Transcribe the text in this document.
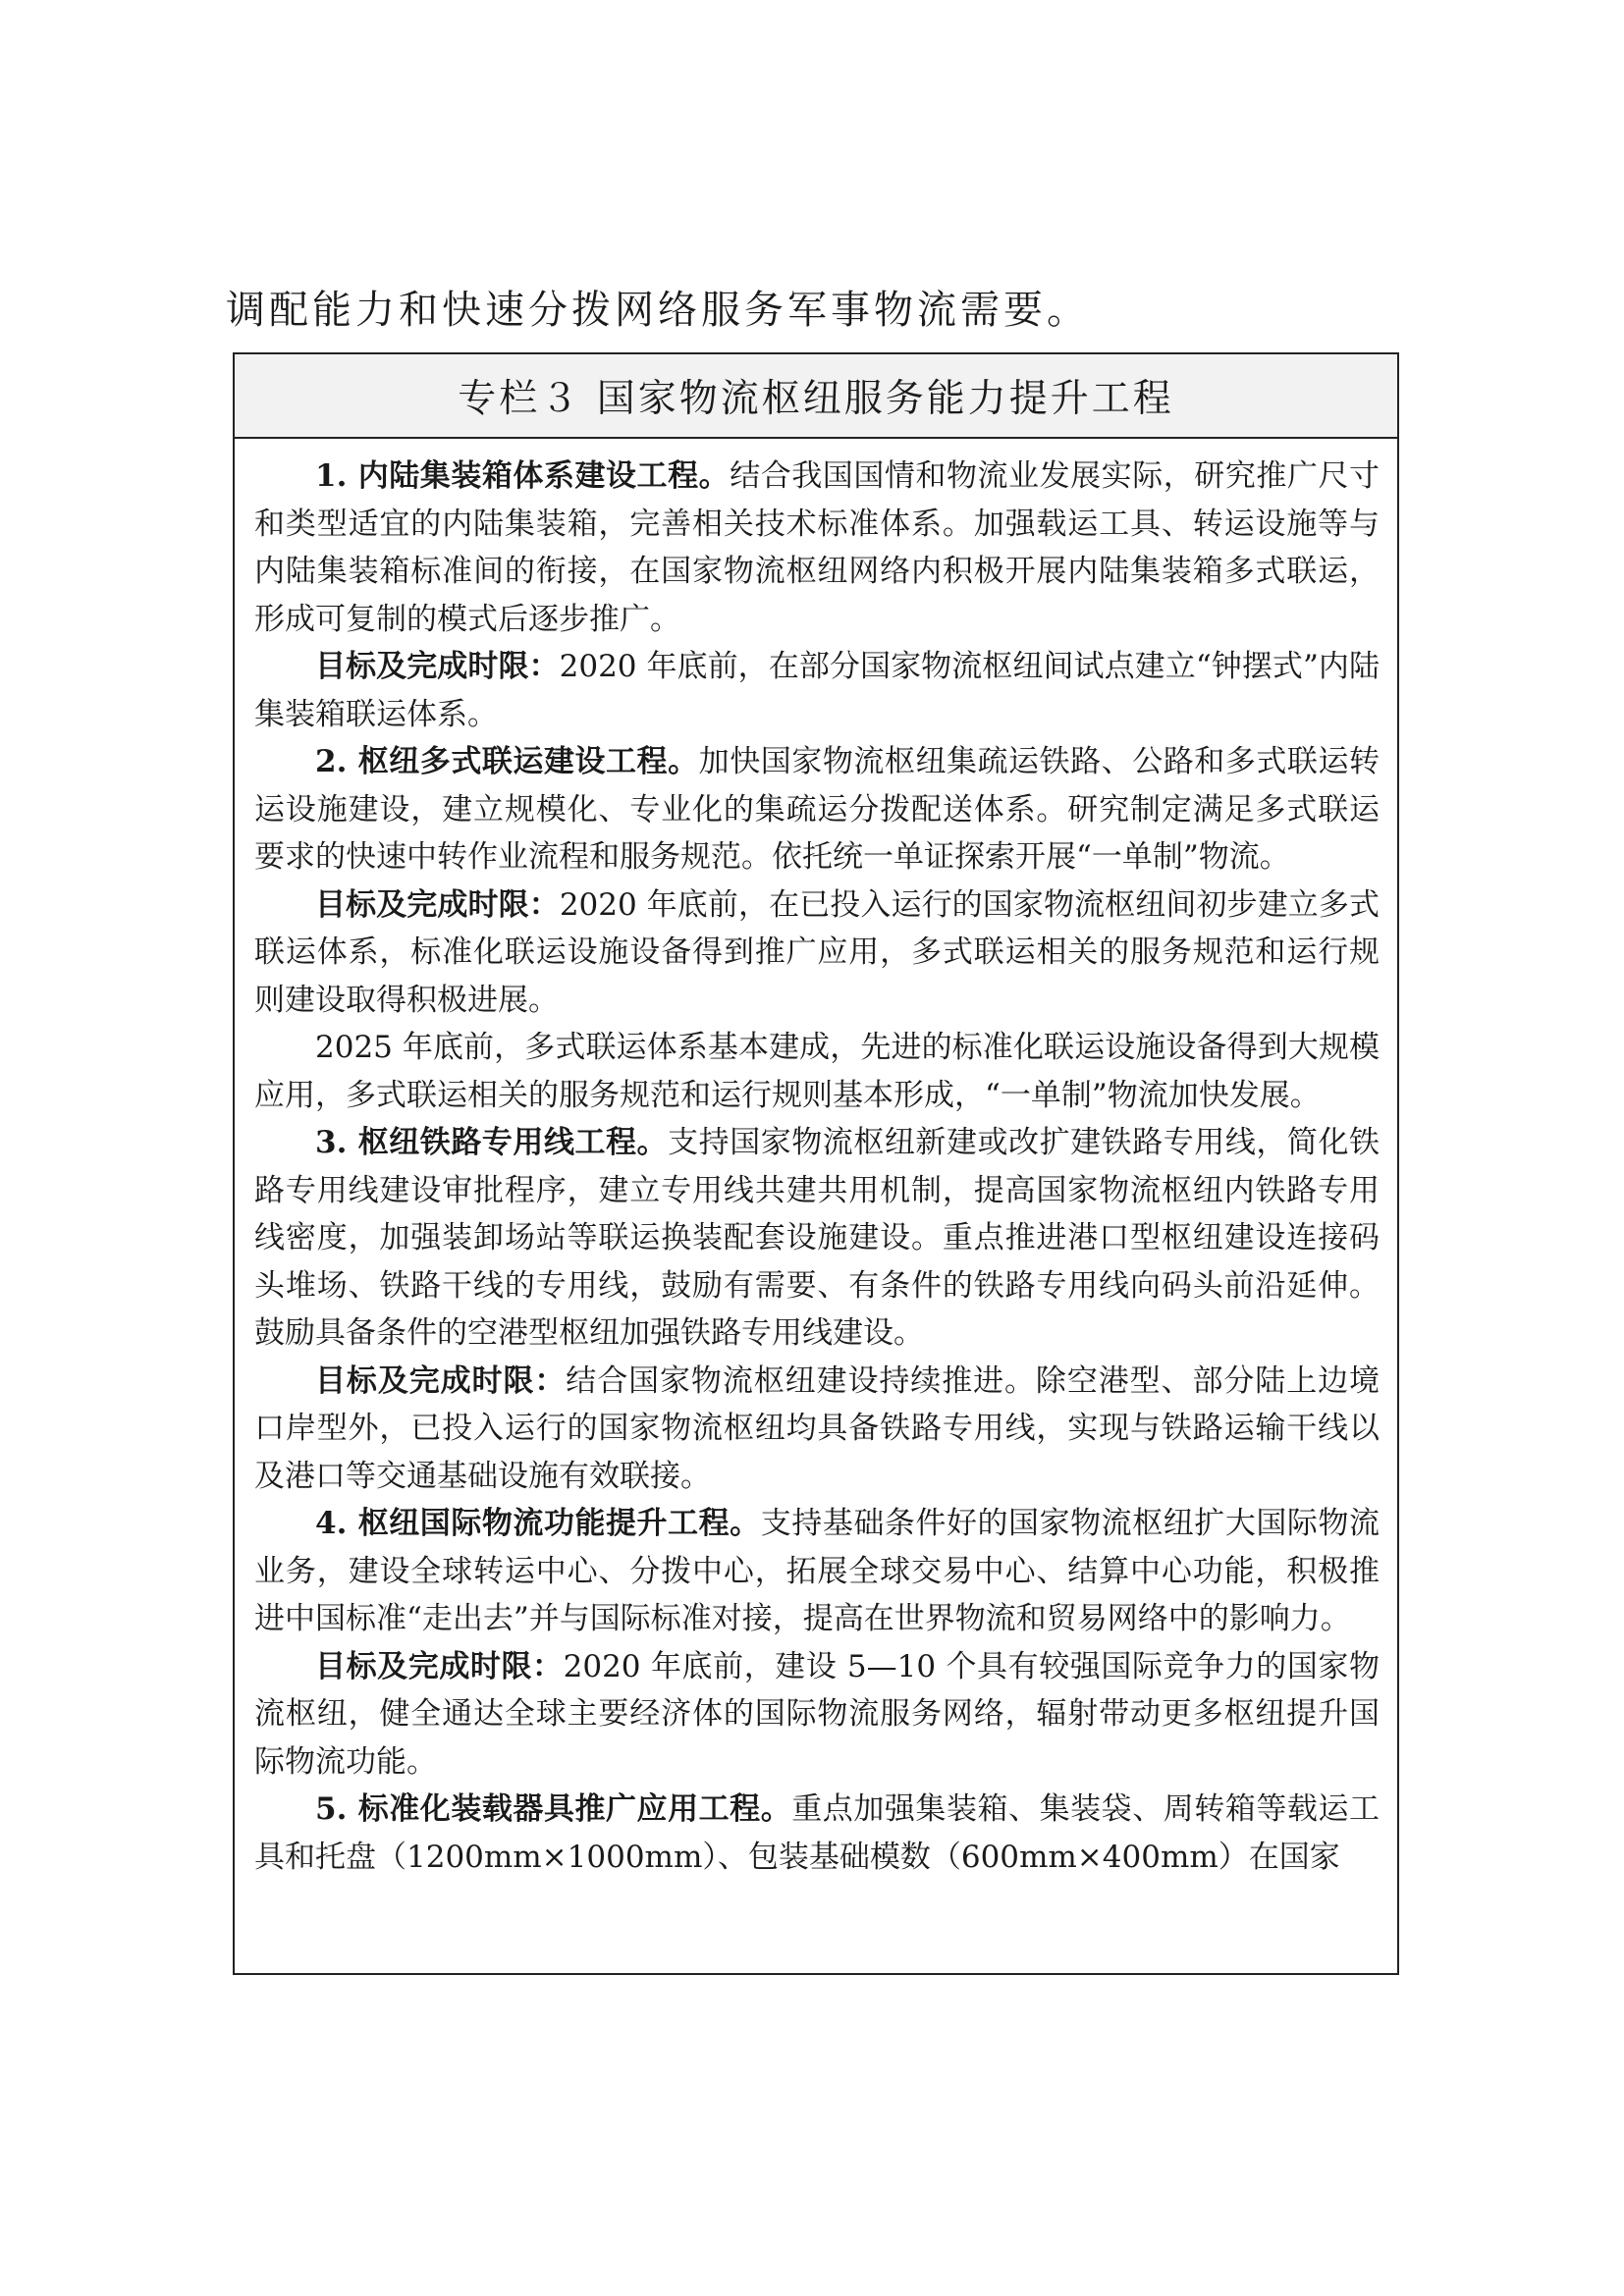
调配能力和快速分拨网络服务军事物流需要。
专栏３ 国家物流枢纽服务能力提升工程

1. 内陆集装箱体系建设工程。结合我国国情和物流业发展实际，研究推广尺寸和类型适宜的内陆集装箱，完善相关技术标准体系。加强载运工具、转运设施等与内陆集装箱标准间的衔接，在国家物流枢纽网络内积极开展内陆集装箱多式联运，形成可复制的模式后逐步推广。

目标及完成时限：2020 年底前，在部分国家物流枢纽间试点建立“钟摆式”内陆集装箱联运体系。

2. 枢纽多式联运建设工程。加快国家物流枢纽集疏运铁路、公路和多式联运转运设施建设，建立规模化、专业化的集疏运分拨配送体系。研究制定满足多式联运要求的快速中转作业流程和服务规范。依托统一单证探索开展“一单制”物流。

目标及完成时限：2020 年底前，在已投入运行的国家物流枢纽间初步建立多式联运体系，标准化联运设施设备得到推广应用，多式联运相关的服务规范和运行规则建设取得积极进展。

2025 年底前，多式联运体系基本建成，先进的标准化联运设施设备得到大规模应用，多式联运相关的服务规范和运行规则基本形成，“一单制”物流加快发展。

3. 枢纽铁路专用线工程。支持国家物流枢纽新建或改扩建铁路专用线，简化铁路专用线建设审批程序，建立专用线共建共用机制，提高国家物流枢纽内铁路专用线密度，加强装卸场站等联运换装配套设施建设。重点推进港口型枢纽建设连接码头堆场、铁路干线的专用线，鼓励有需要、有条件的铁路专用线向码头前沿延伸。鼓励具备条件的空港型枢纽加强铁路专用线建设。

目标及完成时限：结合国家物流枢纽建设持续推进。除空港型、部分陆上边境口岸型外，已投入运行的国家物流枢纽均具备铁路专用线，实现与铁路运输干线以及港口等交通基础设施有效联接。

4. 枢纽国际物流功能提升工程。支持基础条件好的国家物流枢纽扩大国际物流业务，建设全球转运中心、分拨中心，拓展全球交易中心、结算中心功能，积极推进中国标准“走出去”并与国际标准对接，提高在世界物流和贸易网络中的影响力。

目标及完成时限：2020 年底前，建设 5—10 个具有较强国际竞争力的国家物流枢纽，健全通达全球主要经济体的国际物流服务网络，辐射带动更多枢纽提升国际物流功能。

5. 标准化装载器具推广应用工程。重点加强集装箱、集装袋、周转箱等载运工具和托盘（1200mm×1000mm）、包装基础模数（600mm×400mm）在国家
